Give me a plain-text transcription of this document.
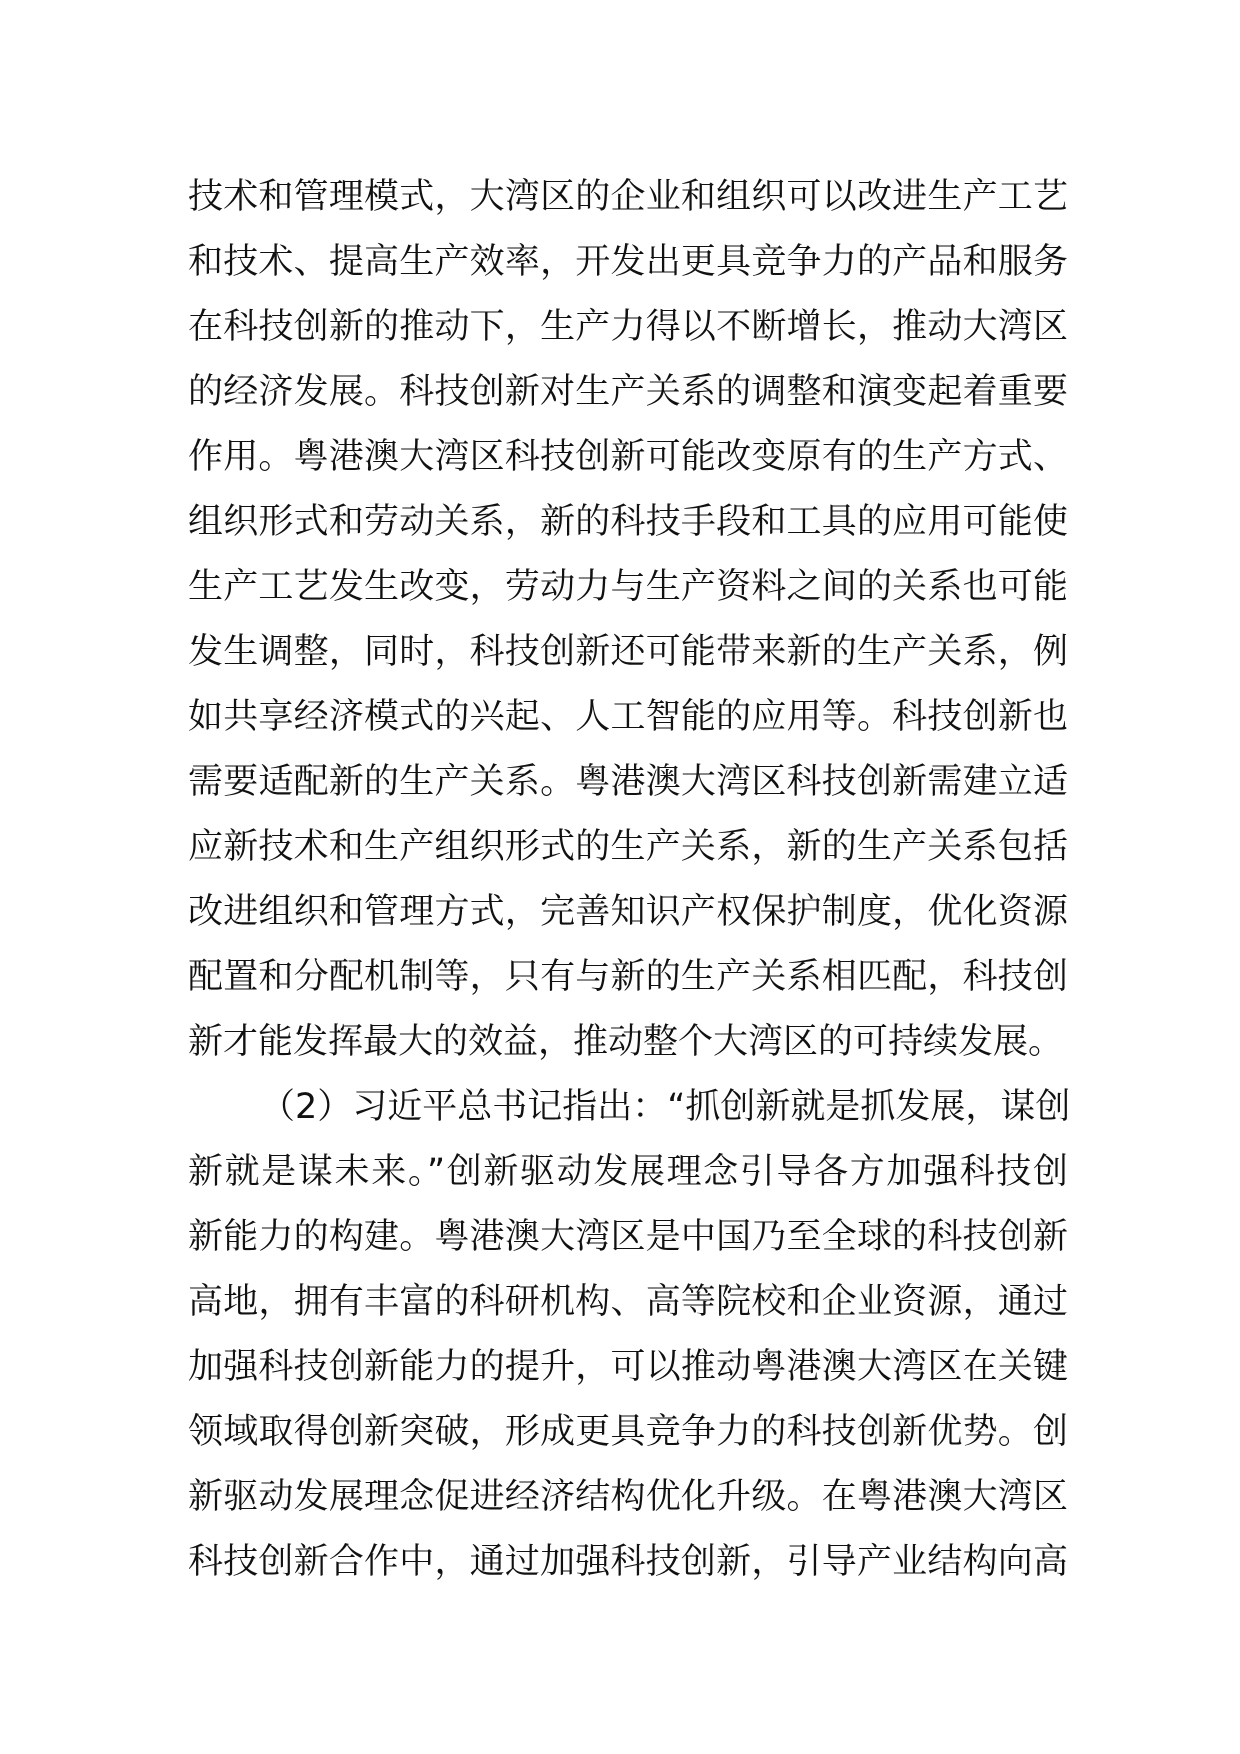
技术和管理模式，大湾区的企业和组织可以改进生产工艺
和技术、提高生产效率，开发出更具竞争力的产品和服务
在科技创新的推动下，生产力得以不断增长，推动大湾区
的经济发展。科技创新对生产关系的调整和演变起着重要
作用。粤港澳大湾区科技创新可能改变原有的生产方式、
组织形式和劳动关系，新的科技手段和工具的应用可能使
生产工艺发生改变，劳动力与生产资料之间的关系也可能
发生调整，同时，科技创新还可能带来新的生产关系，例
如共享经济模式的兴起、人工智能的应用等。科技创新也
需要适配新的生产关系。粤港澳大湾区科技创新需建立适
应新技术和生产组织形式的生产关系，新的生产关系包括
改进组织和管理方式，完善知识产权保护制度，优化资源
配置和分配机制等，只有与新的生产关系相匹配，科技创
新才能发挥最大的效益，推动整个大湾区的可持续发展。
（2）习近平总书记指出：“抓创新就是抓发展，谋创
新就是谋未来。”创新驱动发展理念引导各方加强科技创
新能力的构建。粤港澳大湾区是中国乃至全球的科技创新
高地，拥有丰富的科研机构、高等院校和企业资源，通过
加强科技创新能力的提升，可以推动粤港澳大湾区在关键
领域取得创新突破，形成更具竞争力的科技创新优势。创
新驱动发展理念促进经济结构优化升级。在粤港澳大湾区
科技创新合作中，通过加强科技创新，引导产业结构向高
